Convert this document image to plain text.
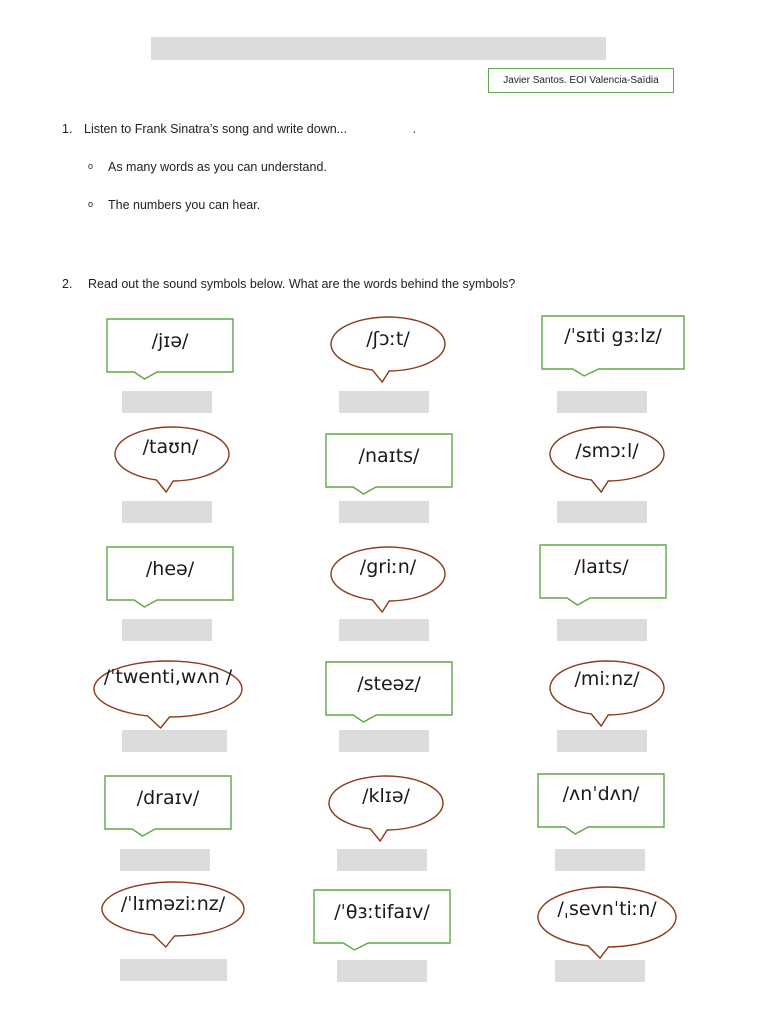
Javier Santos. EOI Valencia-Saïdia
1. Listen to Frank Sinatra’s song and write down...	.
o As many words as you can understand.
o The numbers you can hear.
2. Read out the sound symbols below. What are the words behind the symbols?
/jɪə/	/ʃɔːt/	/ˈsɪti gɜːlz/
/taʊn/	/naɪts/	/smɔːl/
/heə/	/griːn/	/laɪts/
/ˈtwenti,wʌn /	/steəz/	/miːnz/
/draɪv/	/klɪə/	/ʌnˈdʌn/
/ˈlɪməziːnz/	/ˈθɜːtifaɪv/	/ˌsevnˈtiːn/
